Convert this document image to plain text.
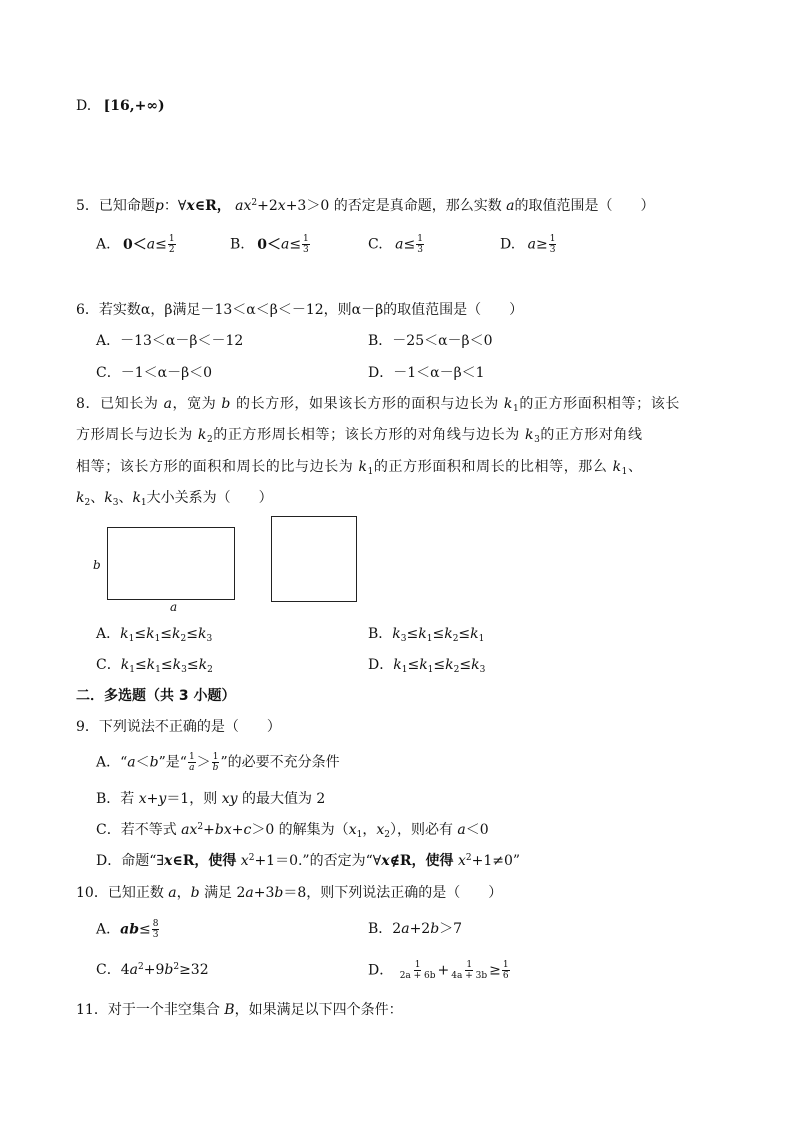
D. [16,+∞)
5．已知命题p：∀x∈R， $ax^2+2x+3>0$ 的否定是真命题，那么实数 a的取值范围是（　　）
A. $0<a\le \frac{1}{2}$	B. $0<a\le \frac{1}{3}$	C. $a\le \frac{1}{3}$	D. $a\ge \frac{1}{3}$
6．若实数α，β满足－13＜α＜β＜－12，则α－β的取值范围是（　　）
A．－13＜α－β＜－12	B．－25＜α－β＜0
C．－1＜α－β＜0	D．－1＜α－β＜1
8．已知长为 a，宽为 b 的长方形，如果该长方形的面积与边长为 $k_1$的正方形面积相等；该长
方形周长与边长为 $k_2$的正方形周长相等；该长方形的对角线与边长为 $k_3$的正方形对角线
相等；该长方形的面积和周长的比与边长为 $k_1$的正方形面积和周长的比相等，那么 $k_1$、
$k_2$、$k_3$、$k_1$大小关系为（　　）
b
a
A．$k_1\le k_1\le k_2\le k_3$	B．$k_3\le k_1\le k_2\le k_1$
C．$k_1\le k_1\le k_3\le k_2$	D．$k_1\le k_1\le k_2\le k_3$
二．多选题（共 3 小题）
9．下列说法不正确的是（　　）
A．“a＜b”是“ $\frac{1}{a} > \frac{1}{b}$ ”的必要不充分条件
B．若 x+y＝1，则 xy 的最大值为 2
C．若不等式 $ax^2+bx+c>0$ 的解集为（$x_1$，$x_2$），则必有 a＜0
D．命题“∃x∈R，使得 $x^2+1=0$.”的否定为“∀x∉R，使得 $x^2+1\ne 0$”
10．已知正数 a，b 满足 2a+3b＝8，则下列说法正确的是（　　）
A．$ab\le \frac{8}{3}$	B．2a+2b＞7
C．$4a^2+9b^2\ge 32$	D． $\frac{1}{2a + 6b} + \frac{1}{4a + 3b} \ge \frac{1}{6}$
11．对于一个非空集合 B，如果满足以下四个条件：
